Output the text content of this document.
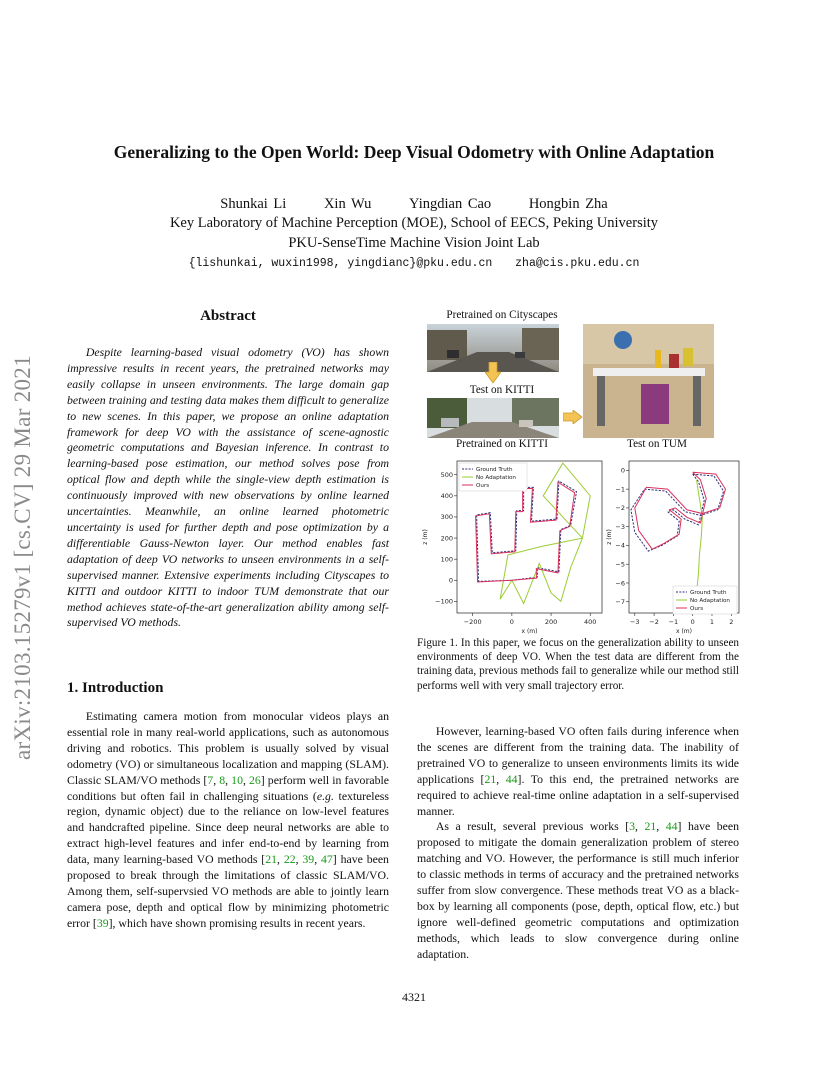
arXiv:2103.15279v1 [cs.CV] 29 Mar 2021
Generalizing to the Open World: Deep Visual Odometry with Online Adaptation
Shunkai Li	Xin Wu	Yingdian Cao	Hongbin Zha
Key Laboratory of Machine Perception (MOE), School of EECS, Peking University
PKU-SenseTime Machine Vision Joint Lab
{lishunkai, wuxin1998, yingdianc}@pku.edu.cn zha@cis.pku.edu.cn
Abstract

Despite learning-based visual odometry (VO) has shown impressive results in recent years, the pretrained networks may easily collapse in unseen environments. The large domain gap between training and testing data makes them difficult to generalize to new scenes. In this paper, we propose an online adaptation framework for deep VO with the assistance of scene-agnostic geometric computations and Bayesian inference. In contrast to learning-based pose estimation, our method solves pose from optical flow and depth while the single-view depth estimation is continuously improved with new observations by online learned uncertainties. Meanwhile, an online learned photometric uncertainty is used for further depth and pose optimization by a differentiable Gauss-Newton layer. Our method enables fast adaptation of deep VO networks to unseen environments in a self-supervised manner. Extensive experiments including Cityscapes to KITTI and outdoor KITTI to indoor TUM demonstrate that our method achieves state-of-the-art generalization ability among self-supervised VO methods.

1. Introduction

Estimating camera motion from monocular videos plays an essential role in many real-world applications, such as autonomous driving and robotics. This problem is usually solved by visual odometry (VO) or simultaneous localization and mapping (SLAM). Classic SLAM/VO methods [7, 8, 10, 26] perform well in favorable conditions but often fail in challenging situations (e.g. textureless region, dynamic object) due to the reliance on low-level features and handcrafted pipeline. Since deep neural networks are able to extract high-level features and infer end-to-end by learning from data, many learning-based VO methods [21, 22, 39, 47] have been proposed to break through the limitations of classic SLAM/VO. Among them, self-supervsied VO methods are able to jointly learn camera pose, depth and optical flow by minimizing photometric error [39], which have shown promising results in recent years.

However, learning-based VO often fails during inference when the scenes are different from the training data. The inability of pretrained VO to generalize to unseen environments limits its wide applications [21, 44]. To this end, the pretrained networks are required to achieve real-time online adaptation in a self-supervised manner.

As a result, several previous works [3, 21, 44] have been proposed to mitigate the domain generalization problem of stereo matching and VO. However, the performance is still much inferior to classic methods in terms of accuracy and the pretrained networks suffer from slow convergence. These methods treat VO as a black-box by learning all components (pose, depth, optical flow, etc.) but ignore well-defined geometric computations and optimization methods, which leads to slow convergence during online adaptation.

Pretrained on Cityscapes
Test on KITTI
Pretrained on KITTI	Test on TUM
−200	0	200	400
−100
0
100
200
300
400
500
x (m)
z (m)
Ground Truth
No Adaptation
Ours
−3 −2 −1 0 1 2
0
−1
−2
−3
−4
−5
−6
−7
x (m)
z (m)
Ground Truth
No Adaptation
Ours
Figure 1. In this paper, we focus on the generalization ability to unseen environments of deep VO. When the test data are different from the training data, previous methods fail to generalize while our method still performs well with very small trajectory error.
4321
